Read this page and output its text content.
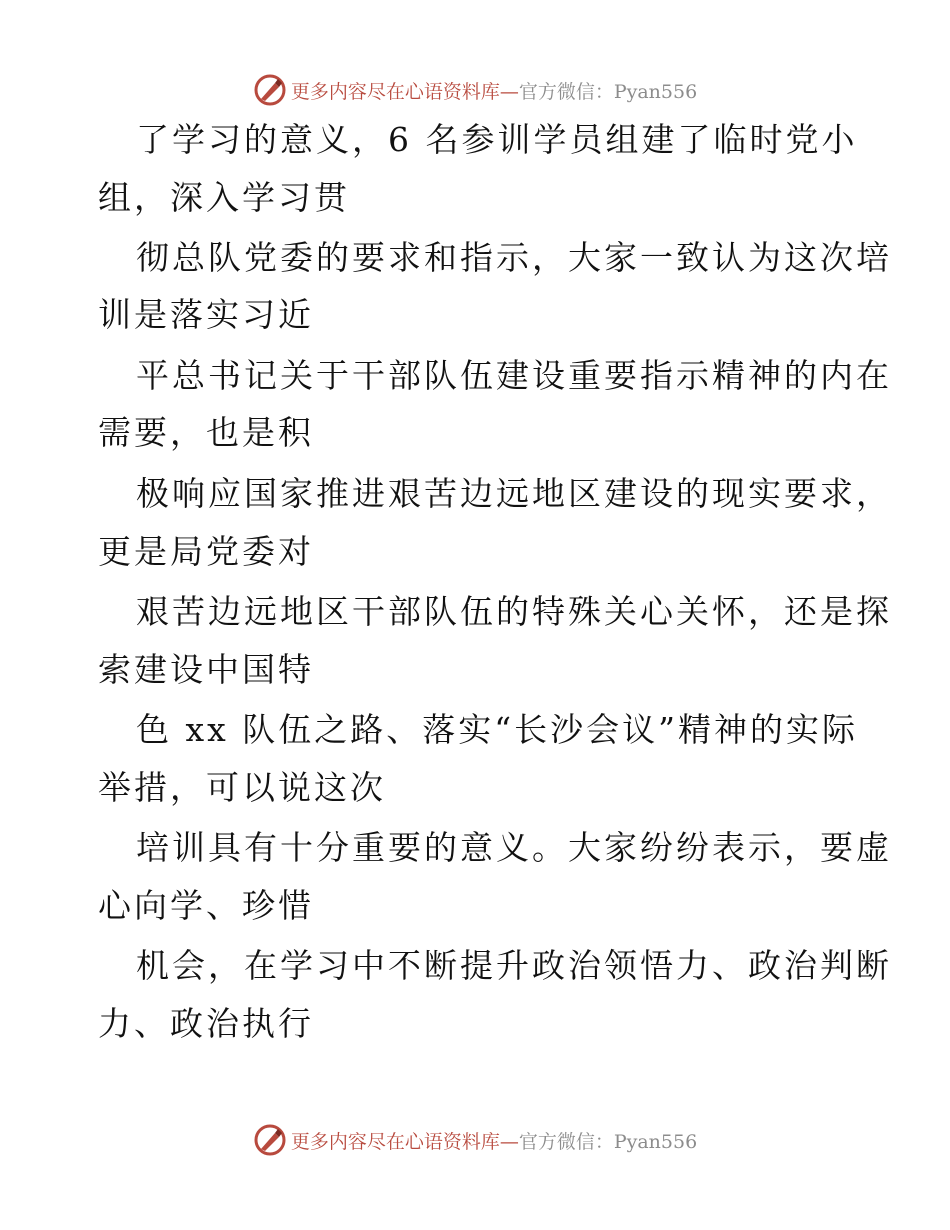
更多内容尽在心语资料库— 官方微信：Pyan556
了学习的意义，6 名参训学员组建了临时党小
组，深入学习贯
彻总队党委的要求和指示，大家一致认为这次培
训是落实习近
平总书记关于干部队伍建设重要指示精神的内在
需要，也是积
极响应国家推进艰苦边远地区建设的现实要求，
更是局党委对
艰苦边远地区干部队伍的特殊关心关怀，还是探
索建设中国特
色 xx 队伍之路、落实“长沙会议”精神的实际
举措，可以说这次
培训具有十分重要的意义。大家纷纷表示，要虚
心向学、珍惜
机会，在学习中不断提升政治领悟力、政治判断
力、政治执行
更多内容尽在心语资料库— 官方微信：Pyan556
